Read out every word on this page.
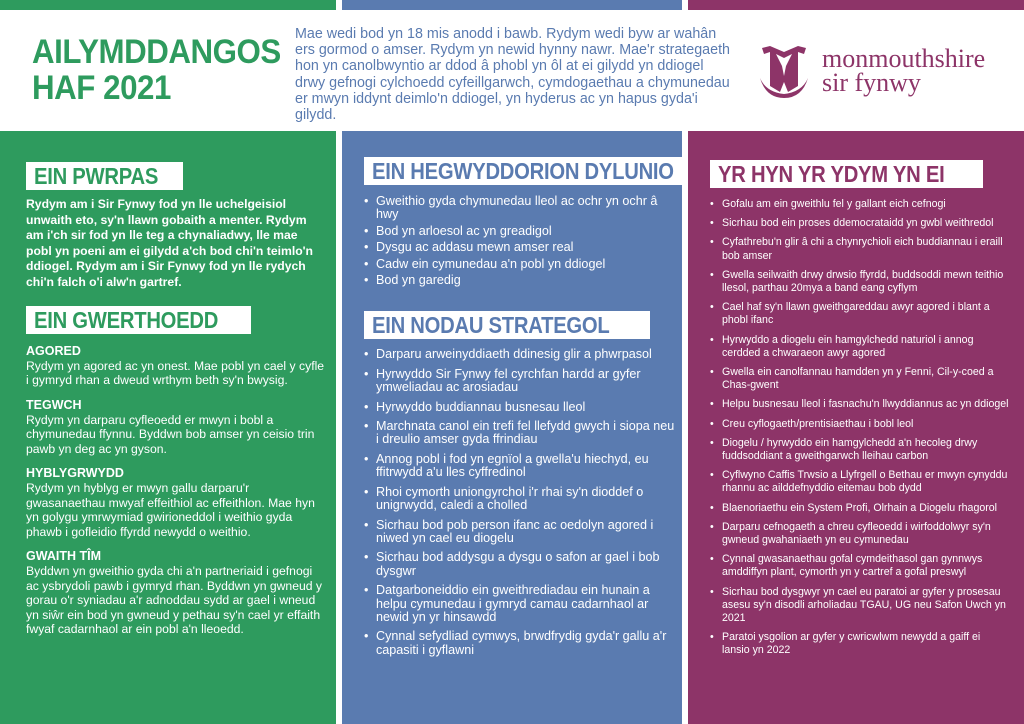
AILYMDDANGOS
HAF 2021
Mae wedi bod yn 18 mis anodd i bawb. Rydym wedi byw ar wahân ers gormod o amser. Rydym yn newid hynny nawr. Mae'r strategaeth hon yn canolbwyntio ar ddod â phobl yn ôl at ei gilydd yn ddiogel drwy gefnogi cylchoedd cyfeillgarwch, cymdogaethau a chymunedau er mwyn iddynt deimlo'n ddiogel, yn hyderus ac yn hapus gyda'i gilydd.
monmouthshire
sir fynwy
EIN PWRPAS
Rydym am i Sir Fynwy fod yn lle uchelgeisiol unwaith eto, sy'n llawn gobaith a menter. Rydym am i'ch sir fod yn lle teg a chynaliadwy, lle mae pobl yn poeni am ei gilydd a'ch bod chi'n teimlo'n ddiogel. Rydym am i Sir Fynwy fod yn lle rydych chi'n falch o'i alw'n gartref.
EIN GWERTHOEDD
AGORED
Rydym yn agored ac yn onest. Mae pobl yn cael y cyfle i gymryd rhan a dweud wrthym beth sy'n bwysig.
TEGWCH
Rydym yn darparu cyfleoedd er mwyn i bobl a chymunedau ffynnu. Byddwn bob amser yn ceisio trin pawb yn deg ac yn gyson.
HYBLYGRWYDD
Rydym yn hyblyg er mwyn gallu darparu'r gwasanaethau mwyaf effeithiol ac effeithlon. Mae hyn yn golygu ymrwymiad gwirioneddol i weithio gyda phawb i gofleidio ffyrdd newydd o weithio.
GWAITH TÎM
Byddwn yn gweithio gyda chi a'n partneriaid i gefnogi ac ysbrydoli pawb i gymryd rhan. Byddwn yn gwneud y gorau o'r syniadau a'r adnoddau sydd ar gael i wneud yn siŵr ein bod yn gwneud y pethau sy'n cael yr effaith fwyaf cadarnhaol ar ein pobl a'n lleoedd.
EIN HEGWYDDORION DYLUNIO
• Gweithio gyda chymunedau lleol ac ochr yn ochr â hwy
• Bod yn arloesol ac yn greadigol
• Dysgu ac addasu mewn amser real
• Cadw ein cymunedau a'n pobl yn ddiogel
• Bod yn garedig
EIN NODAU STRATEGOL
• Darparu arweinyddiaeth ddinesig glir a phwrpasol
• Hyrwyddo Sir Fynwy fel cyrchfan hardd ar gyfer ymweliadau ac arosiadau
• Hyrwyddo buddiannau busnesau lleol
• Marchnata canol ein trefi fel llefydd gwych i siopa neu i dreulio amser gyda ffrindiau
• Annog pobl i fod yn egnïol a gwella'u hiechyd, eu ffitrwydd a'u lles cyffredinol
• Rhoi cymorth uniongyrchol i'r rhai sy'n dioddef o unigrwydd, caledi a cholled
• Sicrhau bod pob person ifanc ac oedolyn agored i niwed yn cael eu diogelu
• Sicrhau bod addysgu a dysgu o safon ar gael i bob dysgwr
• Datgarboneiddio ein gweithrediadau ein hunain a helpu cymunedau i gymryd camau cadarnhaol ar newid yn yr hinsawdd
• Cynnal sefydliad cymwys, brwdfrydig gyda'r gallu a'r capasiti i gyflawni
YR HYN YR YDYM YN EI
• Gofalu am ein gweithlu fel y gallant eich cefnogi
• Sicrhau bod ein proses ddemocrataidd yn gwbl weithredol
• Cyfathrebu'n glir â chi a chynrychioli eich buddiannau i eraill bob amser
• Gwella seilwaith drwy drwsio ffyrdd, buddsoddi mewn teithio llesol, parthau 20mya a band eang cyflym
• Cael haf sy'n llawn gweithgareddau awyr agored i blant a phobl ifanc
• Hyrwyddo a diogelu ein hamgylchedd naturiol i annog cerdded a chwaraeon awyr agored
• Gwella ein canolfannau hamdden yn y Fenni, Cil-y-coed a Chas-gwent
• Helpu busnesau lleol i fasnachu'n llwyddiannus ac yn ddiogel
• Creu cyflogaeth/prentisiaethau i bobl leol
• Diogelu / hyrwyddo ein hamgylchedd a'n hecoleg drwy fuddsoddiant a gweithgarwch lleihau carbon
• Cyflwyno Caffis Trwsio a Llyfrgell o Bethau er mwyn cynyddu rhannu ac ailddefnyddio eitemau bob dydd
• Blaenoriaethu ein System Profi, Olrhain a Diogelu rhagorol
• Darparu cefnogaeth a chreu cyfleoedd i wirfoddolwyr sy'n gwneud gwahaniaeth yn eu cymunedau
• Cynnal gwasanaethau gofal cymdeithasol gan gynnwys amddiffyn plant, cymorth yn y cartref a gofal preswyl
• Sicrhau bod dysgwyr yn cael eu paratoi ar gyfer y prosesau asesu sy'n disodli arholiadau TGAU, UG neu Safon Uwch yn 2021
• Paratoi ysgolion ar gyfer y cwricwlwm newydd a gaiff ei lansio yn 2022
